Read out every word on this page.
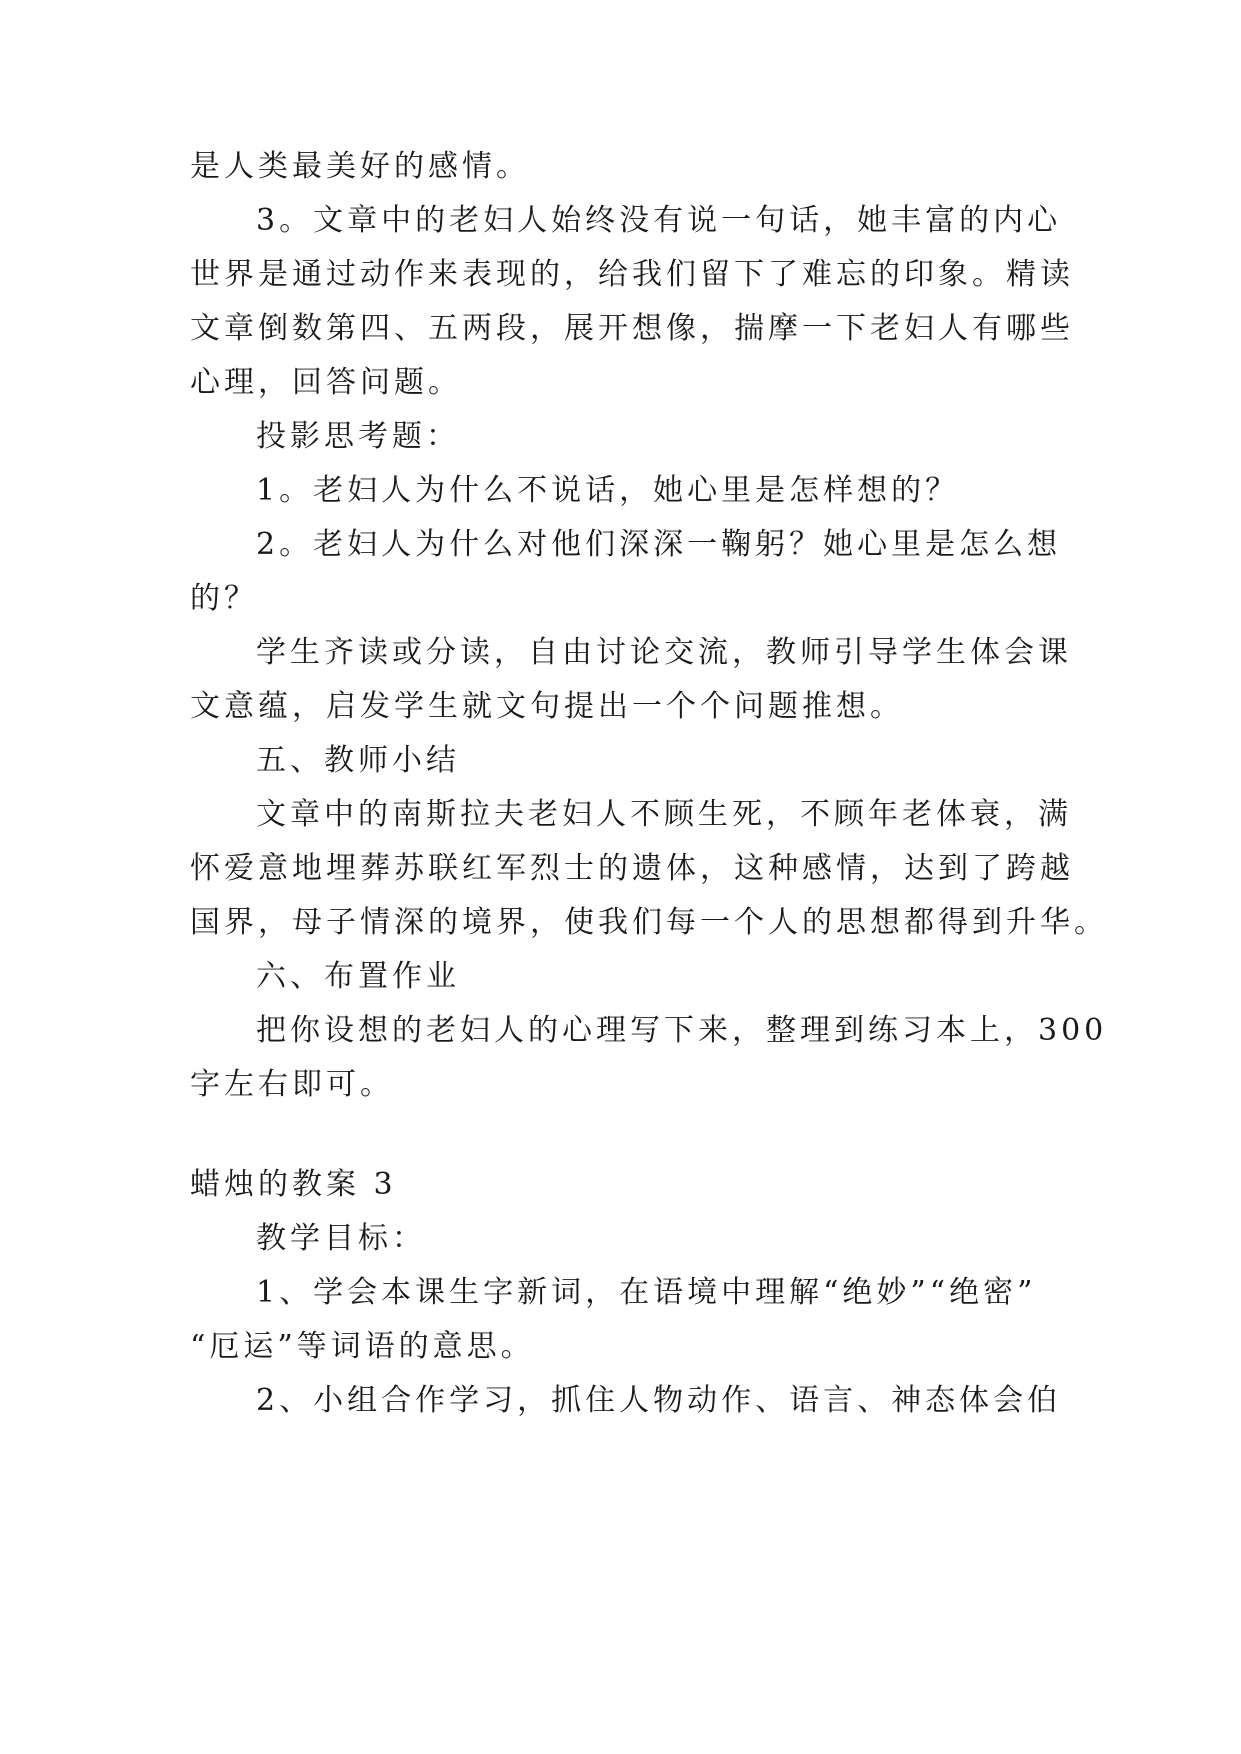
是人类最美好的感情。
3。文章中的老妇人始终没有说一句话，她丰富的内心
世界是通过动作来表现的，给我们留下了难忘的印象。精读
文章倒数第四、五两段，展开想像，揣摩一下老妇人有哪些
心理，回答问题。
投影思考题：
1。老妇人为什么不说话，她心里是怎样想的？
2。老妇人为什么对他们深深一鞠躬？她心里是怎么想
的？
学生齐读或分读，自由讨论交流，教师引导学生体会课
文意蕴，启发学生就文句提出一个个问题推想。
五、教师小结
文章中的南斯拉夫老妇人不顾生死，不顾年老体衰，满
怀爱意地埋葬苏联红军烈士的遗体，这种感情，达到了跨越
国界，母子情深的境界，使我们每一个人的思想都得到升华。
六、布置作业
把你设想的老妇人的心理写下来，整理到练习本上，300
字左右即可。
蜡烛的教案 3
教学目标：
1、学会本课生字新词，在语境中理解“绝妙”“绝密”
“厄运”等词语的意思。
2、小组合作学习，抓住人物动作、语言、神态体会伯
